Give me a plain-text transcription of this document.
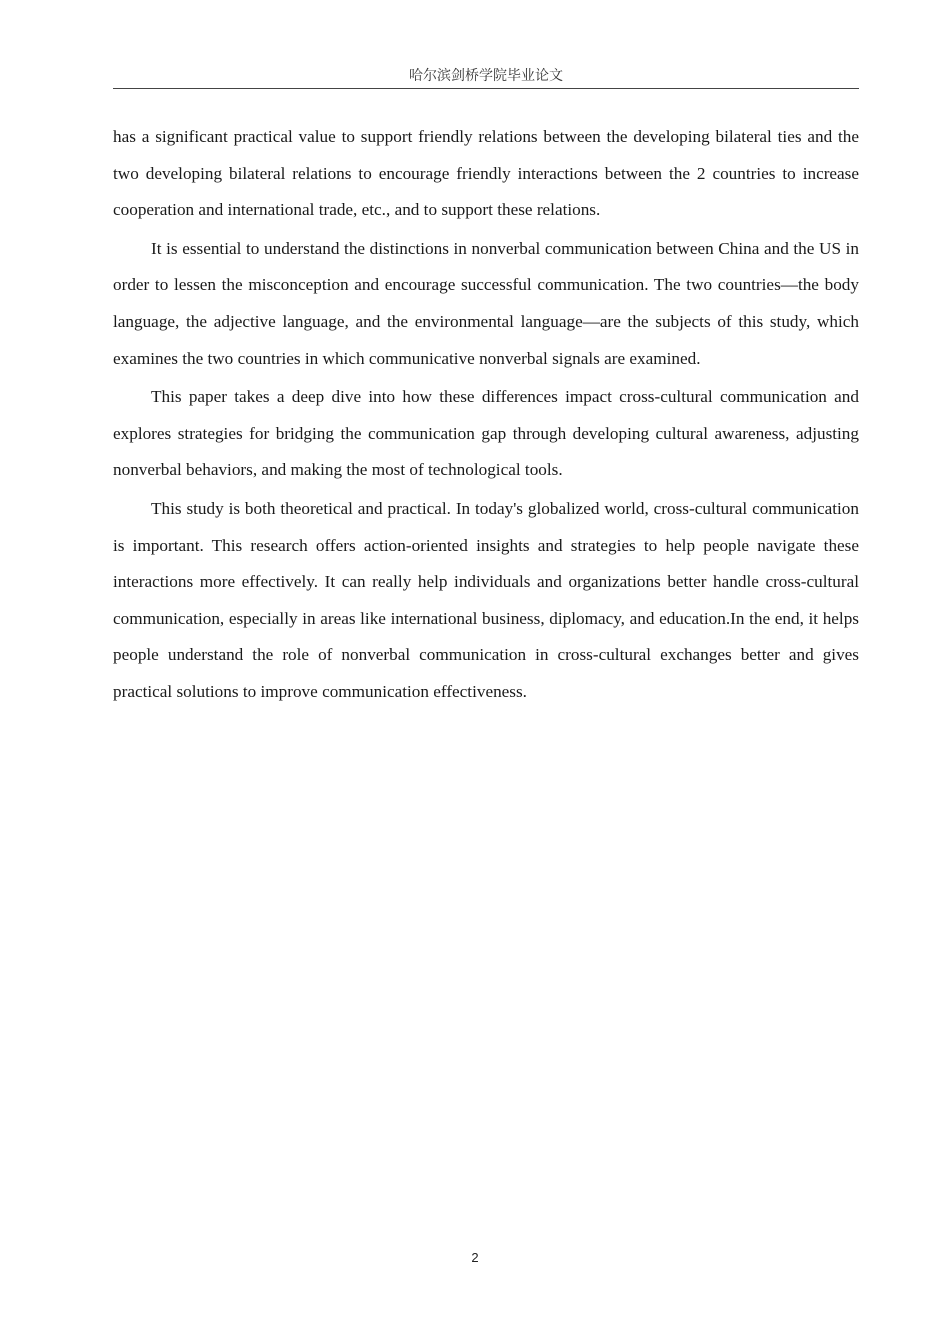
哈尔滨剑桥学院毕业论文

has a significant practical value to support friendly relations between the developing bilateral ties and the two developing bilateral relations to encourage friendly interactions between the 2 countries to increase cooperation and international trade, etc., and to support these relations.

It is essential to understand the distinctions in nonverbal communication between China and the US in order to lessen the misconception and encourage successful communication. The two countries—the body language, the adjective language, and the environmental language—are the subjects of this study, which examines the two countries in which communicative nonverbal signals are examined.

This paper takes a deep dive into how these differences impact cross-cultural communication and explores strategies for bridging the communication gap through developing cultural awareness, adjusting nonverbal behaviors, and making the most of technological tools.

This study is both theoretical and practical. In today's globalized world, cross-cultural communication is important. This research offers action-oriented insights and strategies to help people navigate these interactions more effectively. It can really help individuals and organizations better handle cross-cultural communication, especially in areas like international business, diplomacy, and education.In the end, it helps people understand the role of nonverbal communication in cross-cultural exchanges better and gives practical solutions to improve communication effectiveness.

2
